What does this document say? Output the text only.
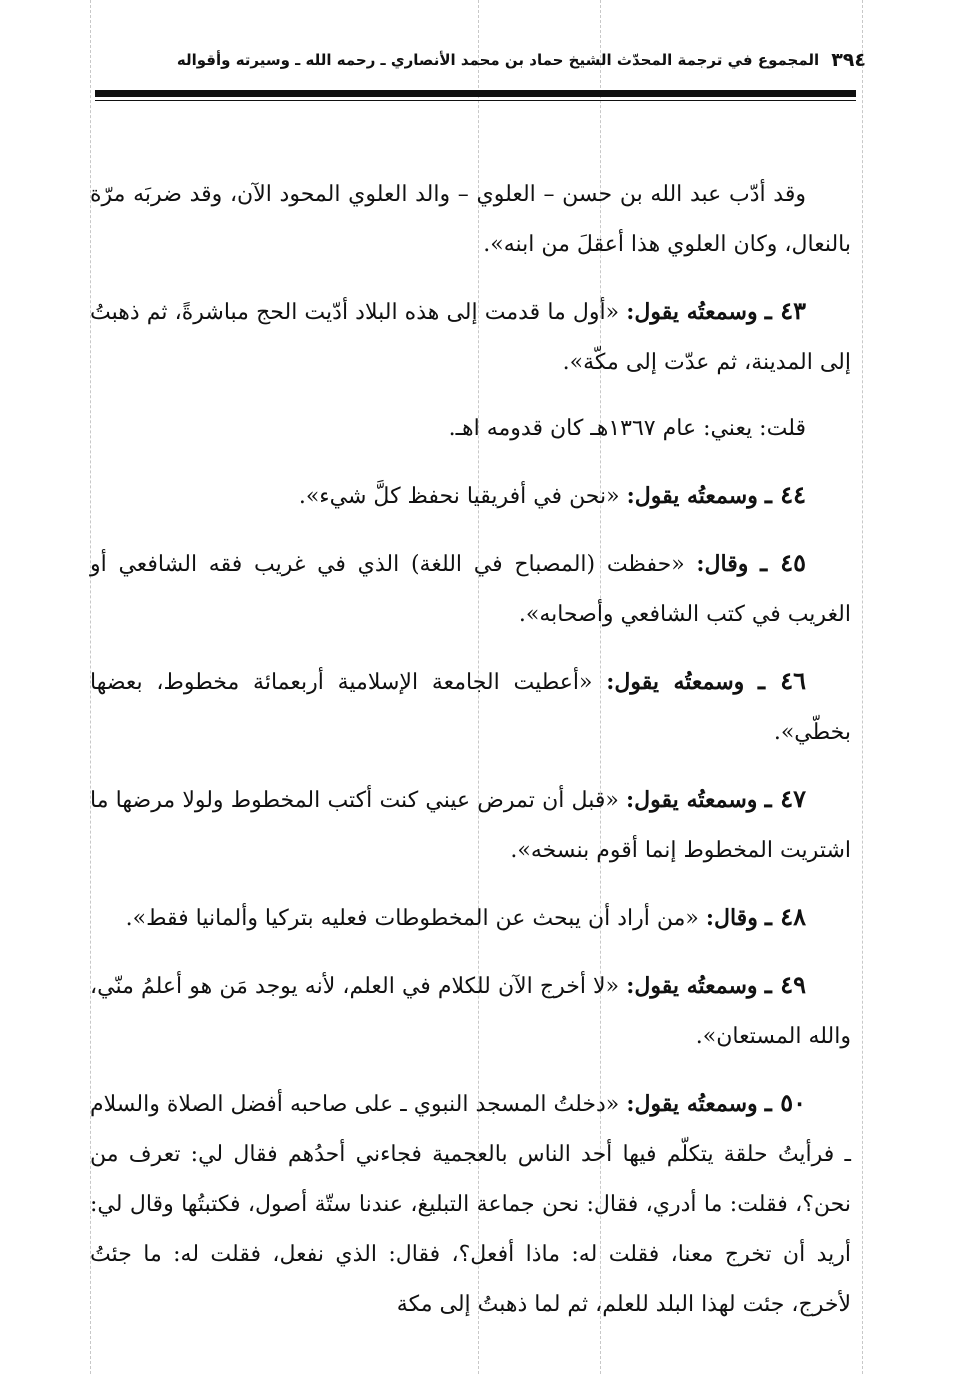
٣٩٤
المجموع في ترجمة المحدّث الشيخ حماد بن محمد الأنصاري ـ رحمه الله ـ وسيرته وأقواله

وقد أدّب عبد الله بن حسن – العلوي – والد العلوي المحود الآن، وقد ضربَه مرّة بالنعال، وكان العلوي هذا أعقلَ من ابنه».

٤٣ ـ وسمعتُه يقول: «أول ما قدمت إلى هذه البلاد أدّيت الحج مباشرةً، ثم ذهبتُ إلى المدينة، ثم عدّت إلى مكّة».

قلت: يعني: عام ١٣٦٧هـ كان قدومه اهـ.

٤٤ ـ وسمعتُه يقول: «نحن في أفريقيا نحفظ كلَّ شيء».

٤٥ ـ وقال: «حفظت (المصباح في اللغة) الذي في غريب فقه الشافعي أو الغريب في كتب الشافعي وأصحابه».

٤٦ ـ وسمعتُه يقول: «أعطيت الجامعة الإسلامية أربعمائة مخطوط، بعضها بخطّي».

٤٧ ـ وسمعتُه يقول: «قبل أن تمرض عيني كنت أكتب المخطوط ولولا مرضها ما اشتريت المخطوط إنما أقوم بنسخه».

٤٨ ـ وقال: «من أراد أن يبحث عن المخطوطات فعليه بتركيا وألمانيا فقط».

٤٩ ـ وسمعتُه يقول: «لا أخرج الآن للكلام في العلم، لأنه يوجد مَن هو أعلمُ منّي، والله المستعان».

٥٠ ـ وسمعتُه يقول: «دخلتُ المسجد النبوي ـ على صاحبه أفضل الصلاة والسلام ـ فرأيتُ حلقة يتكلّم فيها أحد الناس بالعجمية فجاءني أحدُهم فقال لي: تعرف من نحن؟، فقلت: ما أدري، فقال: نحن جماعة التبليغ، عندنا ستّة أصول، فكتبتُها وقال لي: أريد أن تخرج معنا، فقلت له: ماذا أفعل؟، فقال: الذي نفعل، فقلت له: ما جئتُ لأخرج، جئت لهذا البلد للعلم، ثم لما ذهبتُ إلى مكة
